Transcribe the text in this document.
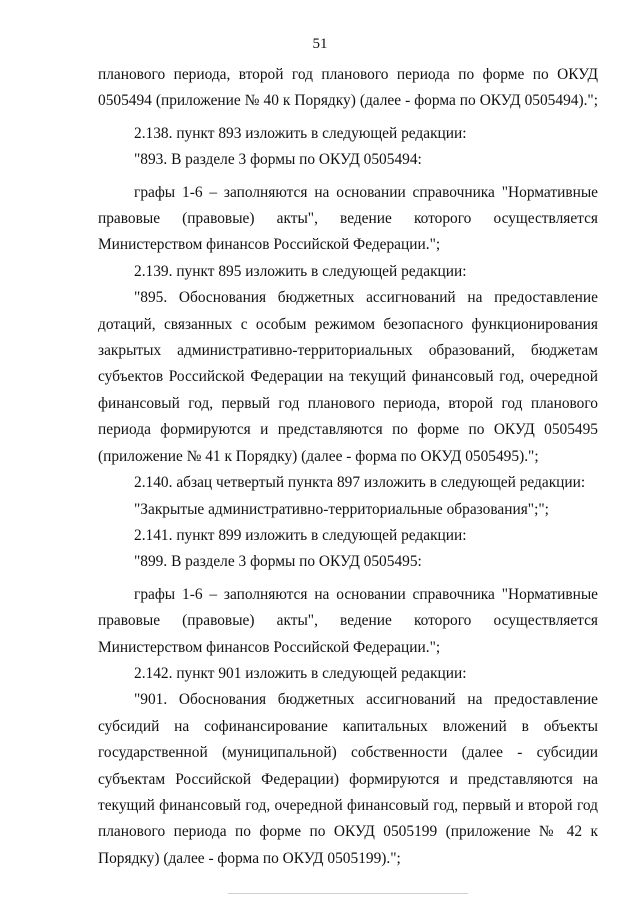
51
планового периода, второй год планового периода по форме по ОКУД
0505494 (приложение № 40 к Порядку) (далее - форма по ОКУД 0505494).";
2.138. пункт 893 изложить в следующей редакции:
"893. В разделе 3 формы по ОКУД 0505494:
графы 1-6 – заполняются на основании справочника "Нормативные
правовые (правовые) акты", ведение которого осуществляется
Министерством финансов Российской Федерации.";
2.139. пункт 895 изложить в следующей редакции:
"895. Обоснования бюджетных ассигнований на предоставление
дотаций, связанных с особым режимом безопасного функционирования
закрытых административно-территориальных образований, бюджетам
субъектов Российской Федерации на текущий финансовый год, очередной
финансовый год, первый год планового периода, второй год планового
периода формируются и представляются по форме по ОКУД 0505495
(приложение № 41 к Порядку) (далее - форма по ОКУД 0505495).";
2.140. абзац четвертый пункта 897 изложить в следующей редакции:
"Закрытые административно-территориальные образования";";
2.141. пункт 899 изложить в следующей редакции:
"899. В разделе 3 формы по ОКУД 0505495:
графы 1-6 – заполняются на основании справочника "Нормативные
правовые (правовые) акты", ведение которого осуществляется
Министерством финансов Российской Федерации.";
2.142. пункт 901 изложить в следующей редакции:
"901. Обоснования бюджетных ассигнований на предоставление
субсидий на софинансирование капитальных вложений в объекты
государственной (муниципальной) собственности (далее - субсидии
субъектам Российской Федерации) формируются и представляются на
текущий финансовый год, очередной финансовый год, первый и второй год
планового периода по форме по ОКУД 0505199 (приложение № 42 к
Порядку) (далее - форма по ОКУД 0505199).";
